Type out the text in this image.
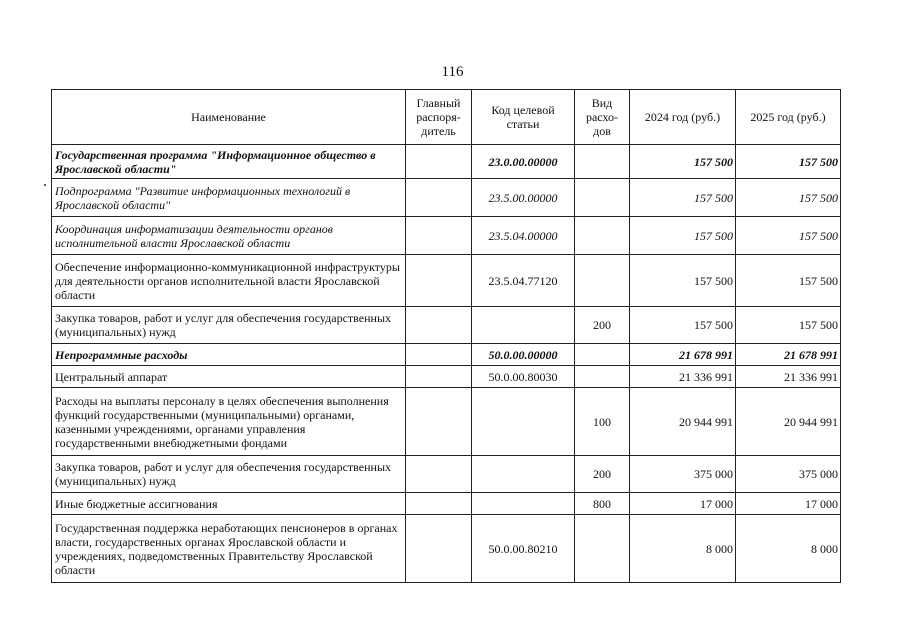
116
Наименование	Главный распоря-дитель	Код целевой статьи	Вид расхо-дов	2024 год (руб.)	2025 год (руб.)
Государственная программа "Информационное общество в Ярославской области"		23.0.00.00000		157 500	157 500
Подпрограмма "Развитие информационных технологий в Ярославской области"		23.5.00.00000		157 500	157 500
Координация информатизации деятельности органов исполнительной власти Ярославской области		23.5.04.00000		157 500	157 500
Обеспечение информационно-коммуникационной инфраструктуры для деятельности органов исполнительной власти Ярославской области		23.5.04.77120		157 500	157 500
Закупка товаров, работ и услуг для обеспечения государственных (муниципальных) нужд			200	157 500	157 500
Непрограммные расходы		50.0.00.00000		21 678 991	21 678 991
Центральный аппарат		50.0.00.80030		21 336 991	21 336 991
Расходы на выплаты персоналу в целях обеспечения выполнения функций государственными (муниципальными) органами, казенными учреждениями, органами управления государственными внебюджетными фондами			100	20 944 991	20 944 991
Закупка товаров, работ и услуг для обеспечения государственных (муниципальных) нужд			200	375 000	375 000
Иные бюджетные ассигнования			800	17 000	17 000
Государственная поддержка неработающих пенсионеров в органах власти, государственных органах Ярославской области и учреждениях, подведомственных Правительству Ярославской области		50.0.00.80210		8 000	8 000
